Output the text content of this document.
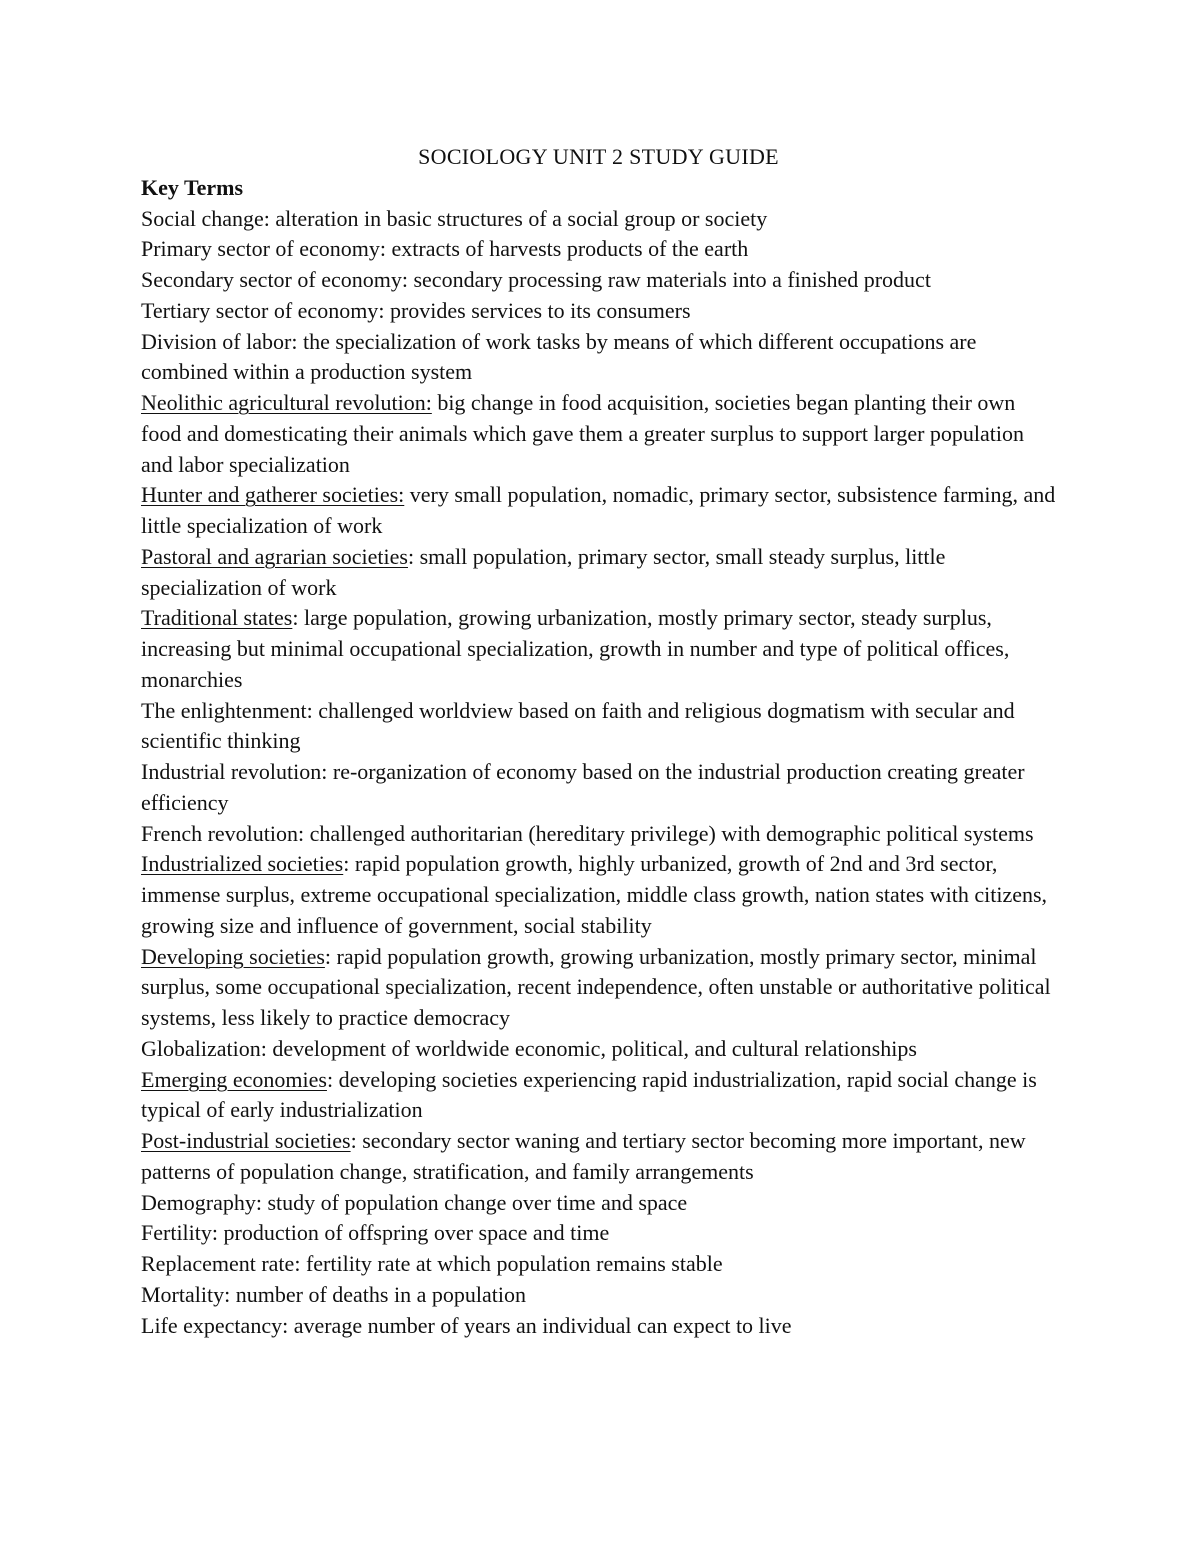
SOCIOLOGY UNIT 2 STUDY GUIDE
Key Terms

Social change: alteration in basic structures of a social group or society

Primary sector of economy: extracts of harvests products of the earth

Secondary sector of economy: secondary processing raw materials into a finished product

Tertiary sector of economy: provides services to its consumers

Division of labor: the specialization of work tasks by means of which different occupations are combined within a production system

Neolithic agricultural revolution: big change in food acquisition, societies began planting their own food and domesticating their animals which gave them a greater surplus to support larger population and labor specialization

Hunter and gatherer societies: very small population, nomadic, primary sector, subsistence farming, and little specialization of work

Pastoral and agrarian societies: small population, primary sector, small steady surplus, little specialization of work

Traditional states: large population, growing urbanization, mostly primary sector, steady surplus, increasing but minimal occupational specialization, growth in number and type of political offices, monarchies

The enlightenment: challenged worldview based on faith and religious dogmatism with secular and scientific thinking

Industrial revolution: re-organization of economy based on the industrial production creating greater efficiency

French revolution: challenged authoritarian (hereditary privilege) with demographic political systems

Industrialized societies: rapid population growth, highly urbanized, growth of 2nd and 3rd sector, immense surplus, extreme occupational specialization, middle class growth, nation states with citizens, growing size and influence of government, social stability

Developing societies: rapid population growth, growing urbanization, mostly primary sector, minimal surplus, some occupational specialization, recent independence, often unstable or authoritative political systems, less likely to practice democracy

Globalization: development of worldwide economic, political, and cultural relationships

Emerging economies: developing societies experiencing rapid industrialization, rapid social change is typical of early industrialization

Post-industrial societies: secondary sector waning and tertiary sector becoming more important, new patterns of population change, stratification, and family arrangements

Demography: study of population change over time and space

Fertility: production of offspring over space and time

Replacement rate: fertility rate at which population remains stable

Mortality: number of deaths in a population

Life expectancy: average number of years an individual can expect to live
